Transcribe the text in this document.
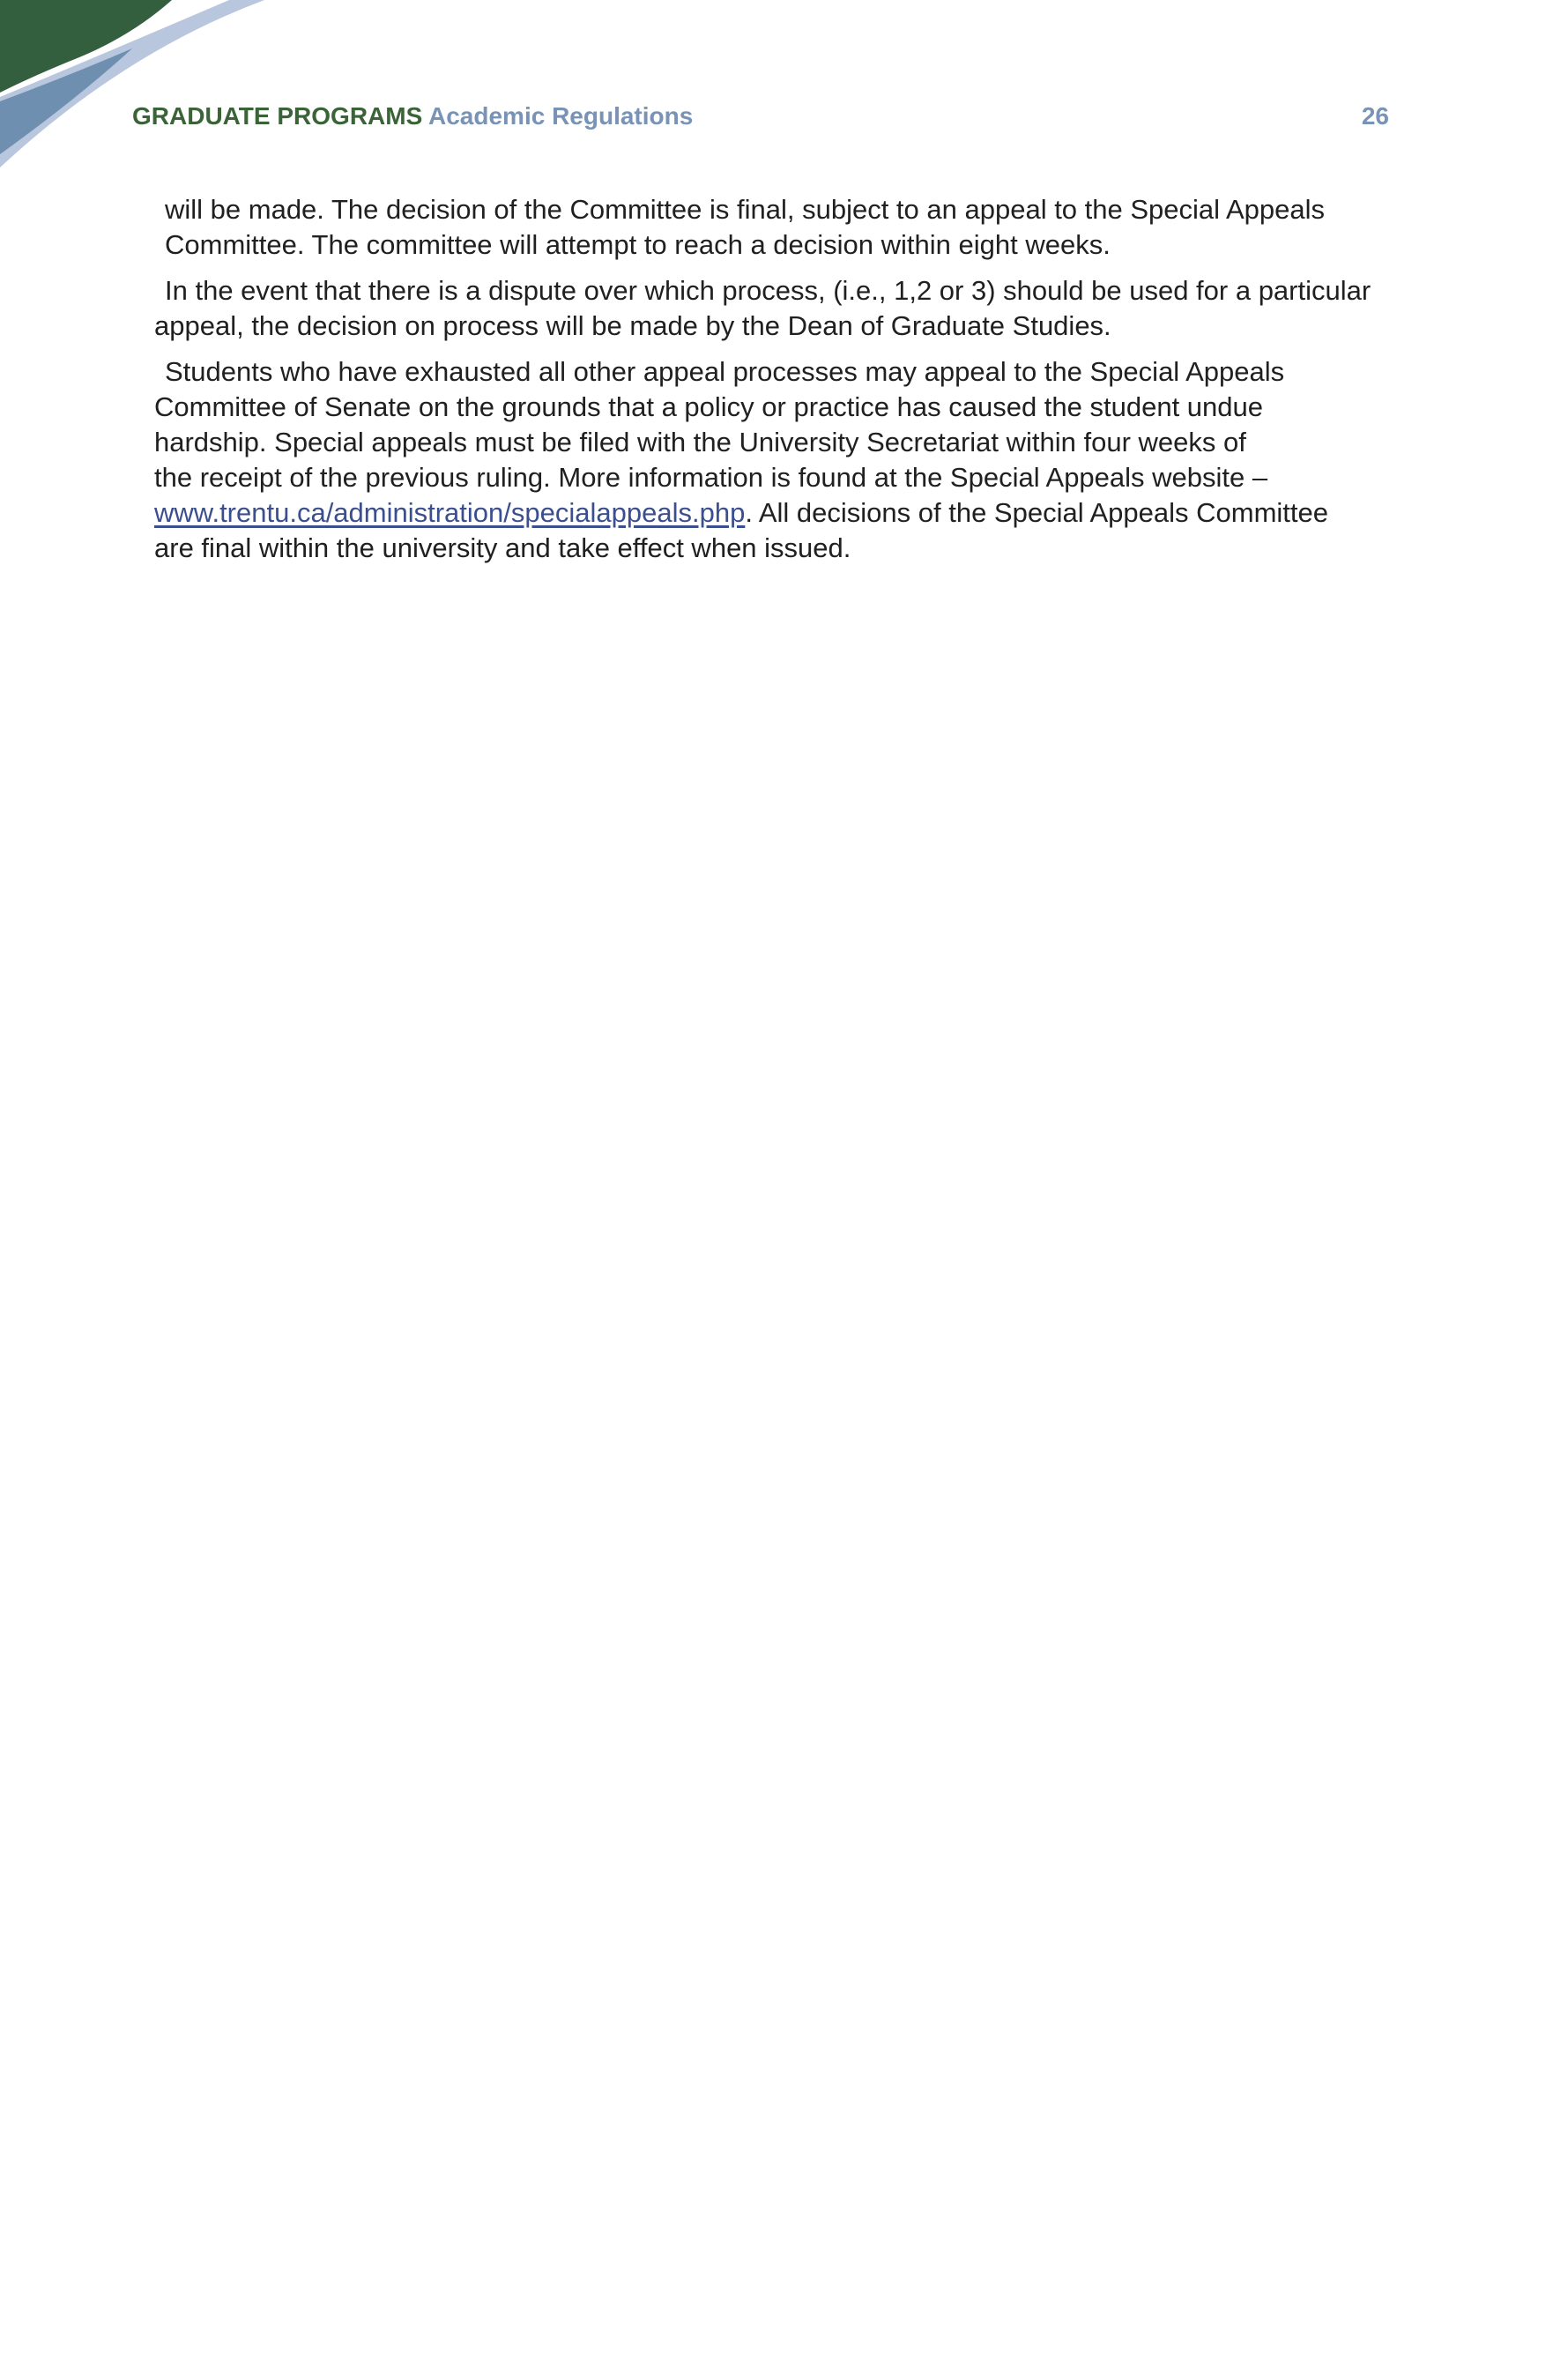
GRADUATE PROGRAMS Academic Regulations	26

will be made. The decision of the Committee is final, subject to an appeal to the Special Appeals
Committee. The committee will attempt to reach a decision within eight weeks.

In the event that there is a dispute over which process, (i.e., 1,2 or 3) should be used for a particular
appeal, the decision on process will be made by the Dean of Graduate Studies.

Students who have exhausted all other appeal processes may appeal to the Special Appeals
Committee of Senate on the grounds that a policy or practice has caused the student undue
hardship. Special appeals must be filed with the University Secretariat within four weeks of
the receipt of the previous ruling. More information is found at the Special Appeals website –
www.trentu.ca/administration/specialappeals.php. All decisions of the Special Appeals Committee
are final within the university and take effect when issued.
